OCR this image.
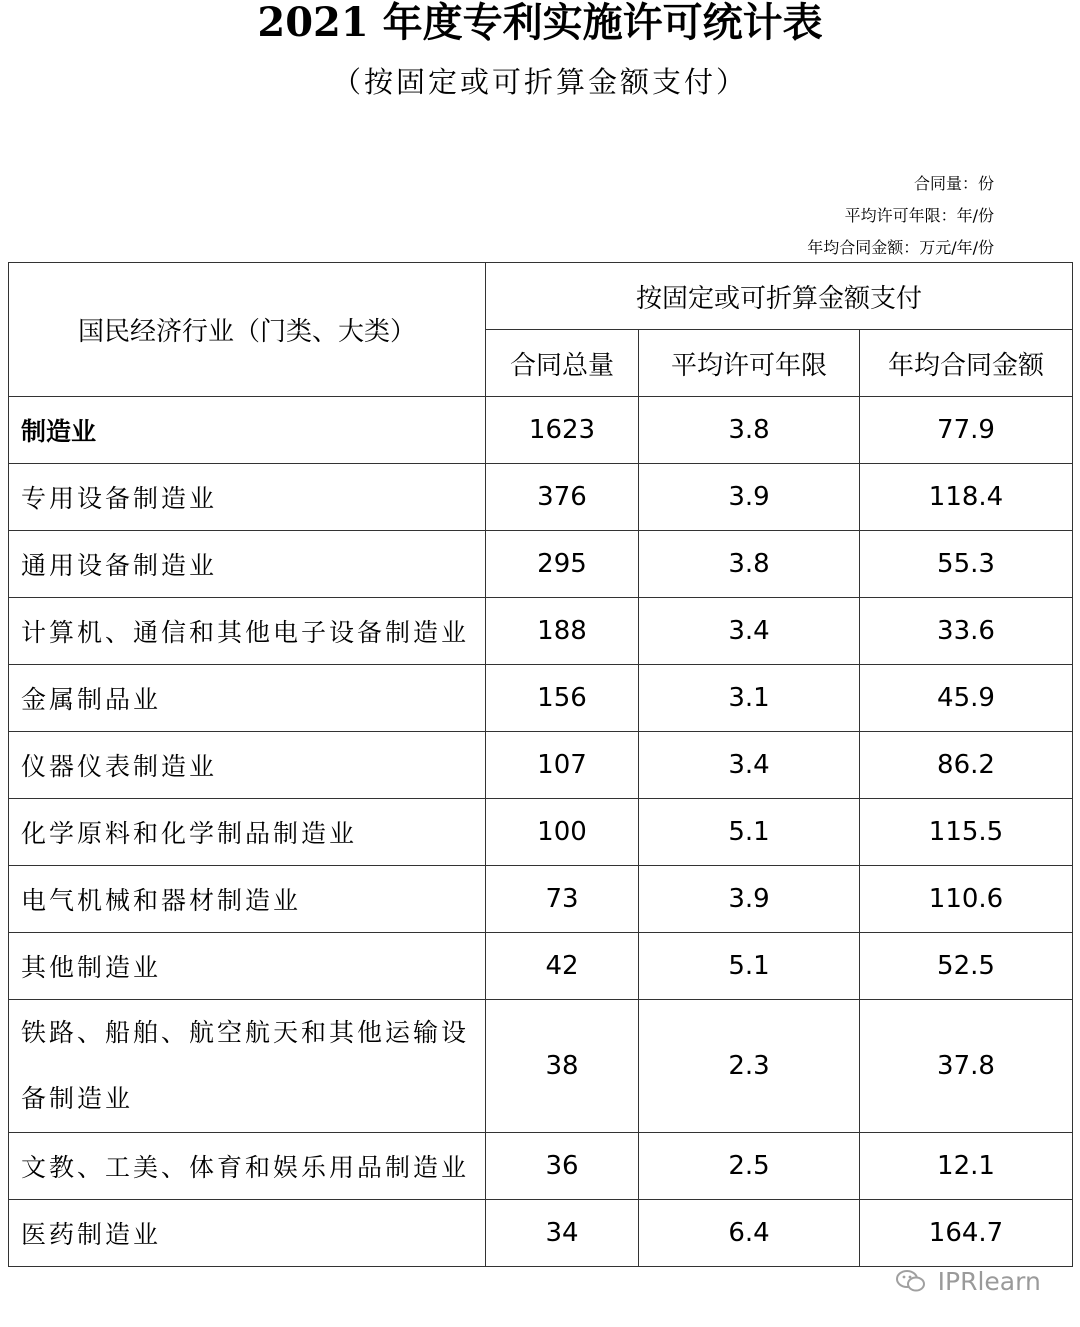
2021 年度专利实施许可统计表
（按固定或可折算金额支付）
合同量：份
平均许可年限：年/份
年均合同金额：万元/年/份
国民经济行业（门类、大类）	按固定或可折算金额支付		
	合同总量	平均许可年限	年均合同金额
制造业	1623	3.8	77.9
专用设备制造业	376	3.9	118.4
通用设备制造业	295	3.8	55.3
计算机、通信和其他电子设备制造业	188	3.4	33.6
金属制品业	156	3.1	45.9
仪器仪表制造业	107	3.4	86.2
化学原料和化学制品制造业	100	5.1	115.5
电气机械和器材制造业	73	3.9	110.6
其他制造业	42	5.1	52.5

铁路、船舶、航空航天和其他运输设
备制造业	38	2.3	37.8
文教、工美、体育和娱乐用品制造业	36	2.5	12.1
医药制造业	34	6.4	164.7
IPRlearn
